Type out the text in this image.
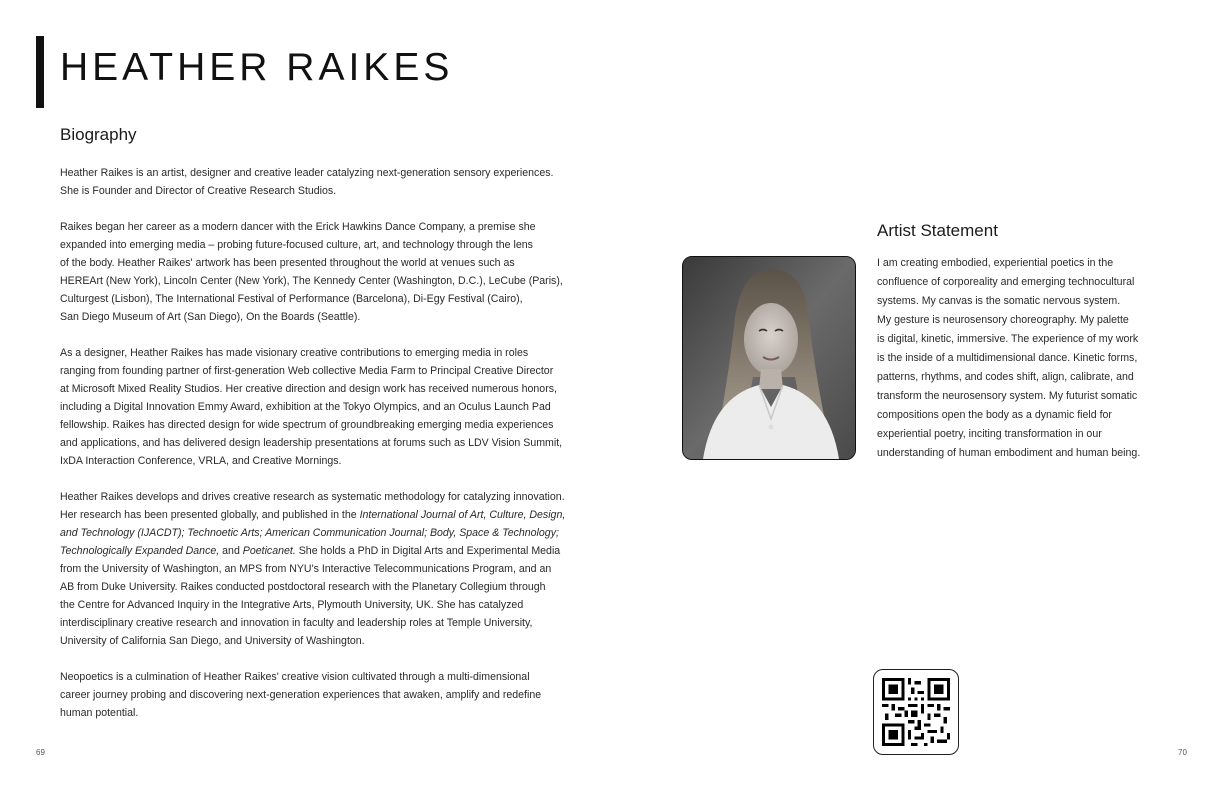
HEATHER RAIKES
Biography

Heather Raikes is an artist, designer and creative leader catalyzing next-generation sensory experiences.
She is Founder and Director of Creative Research Studios.

Raikes began her career as a modern dancer with the Erick Hawkins Dance Company, a premise she
expanded into emerging media – probing future-focused culture, art, and technology through the lens
of the body. Heather Raikes' artwork has been presented throughout the world at venues such as
HEREArt (New York), Lincoln Center (New York), The Kennedy Center (Washington, D.C.), LeCube (Paris),
Culturgest (Lisbon), The International Festival of Performance (Barcelona), Di-Egy Festival (Cairo),
San Diego Museum of Art (San Diego), On the Boards (Seattle).

As a designer, Heather Raikes has made visionary creative contributions to emerging media in roles
ranging from founding partner of first-generation Web collective Media Farm to Principal Creative Director
at Microsoft Mixed Reality Studios. Her creative direction and design work has received numerous honors,
including a Digital Innovation Emmy Award, exhibition at the Tokyo Olympics, and an Oculus Launch Pad
fellowship. Raikes has directed design for wide spectrum of groundbreaking emerging media experiences
and applications, and has delivered design leadership presentations at forums such as LDV Vision Summit,
IxDA Interaction Conference, VRLA, and Creative Mornings.

Heather Raikes develops and drives creative research as systematic methodology for catalyzing innovation.
Her research has been presented globally, and published in the International Journal of Art, Culture, Design,
and Technology (IJACDT); Technoetic Arts; American Communication Journal; Body, Space & Technology;
Technologically Expanded Dance, and Poeticanet. She holds a PhD in Digital Arts and Experimental Media
from the University of Washington, an MPS from NYU's Interactive Telecommunications Program, and an
AB from Duke University. Raikes conducted postdoctoral research with the Planetary Collegium through
the Centre for Advanced Inquiry in the Integrative Arts, Plymouth University, UK. She has catalyzed
interdisciplinary creative research and innovation in faculty and leadership roles at Temple University,
University of California San Diego, and University of Washington.

Neopoetics is a culmination of Heather Raikes' creative vision cultivated through a multi-dimensional
career journey probing and discovering next-generation experiences that awaken, amplify and redefine
human potential.

Artist Statement
I am creating embodied, experiential poetics in the
confluence of corporeality and emerging technocultural
systems. My canvas is the somatic nervous system.
My gesture is neurosensory choreography. My palette
is digital, kinetic, immersive. The experience of my work
is the inside of a multidimensional dance. Kinetic forms,
patterns, rhythms, and codes shift, align, calibrate, and
transform the neurosensory system. My futurist somatic
compositions open the body as a dynamic field for
experiential poetry, inciting transformation in our
understanding of human embodiment and human being.
69	70
